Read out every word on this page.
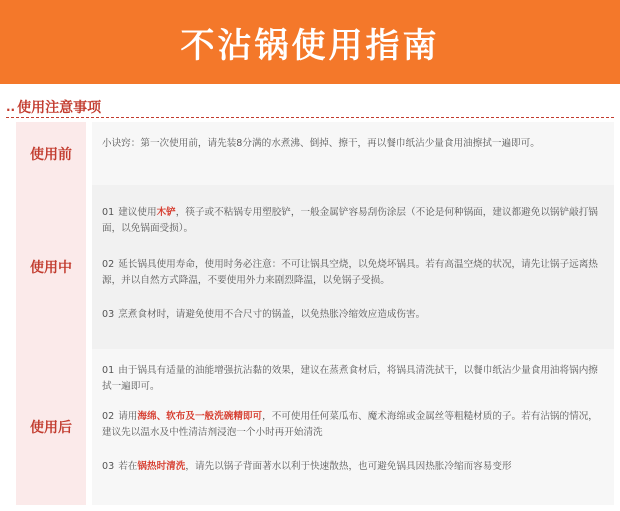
不沾锅使用指南
.. 使用注意事项
使用前
小诀窍：第一次使用前，请先装8分满的水煮沸、倒掉、擦干，再以餐巾纸沾少量食用油擦拭一遍即可。
使用中
01 建议使用木铲，筷子或不粘锅专用塑胶铲，一般金属铲容易刮伤涂层（不论是何种锅面，建议都避免以锅铲敲打锅面，以免锅面受损）。
02 延长锅具使用寿命，使用时务必注意：不可让锅具空烧，以免烧坏锅具。若有高温空烧的状况，请先让锅子远离热源，并以自然方式降温，不要使用外力来剧烈降温，以免锅子受损。
03 烹煮食材时，请避免使用不合尺寸的锅盖，以免热胀冷缩效应造成伤害。
使用后
01 由于锅具有适量的油能增强抗沾黏的效果，建议在蒸煮食材后，将锅具清洗拭干，以餐巾纸沾少量食用油将锅内擦拭一遍即可。
02 请用海绵、软布及一般洗碗精即可，不可使用任何菜瓜布、魔术海绵或金属丝等粗糙材质的子。若有沾锅的情况，建议先以温水及中性清洁剂浸泡一个小时再开始清洗
03 若在锅热时清洗，请先以锅子背面著水以利于快速散热，也可避免锅具因热胀冷缩而容易变形
